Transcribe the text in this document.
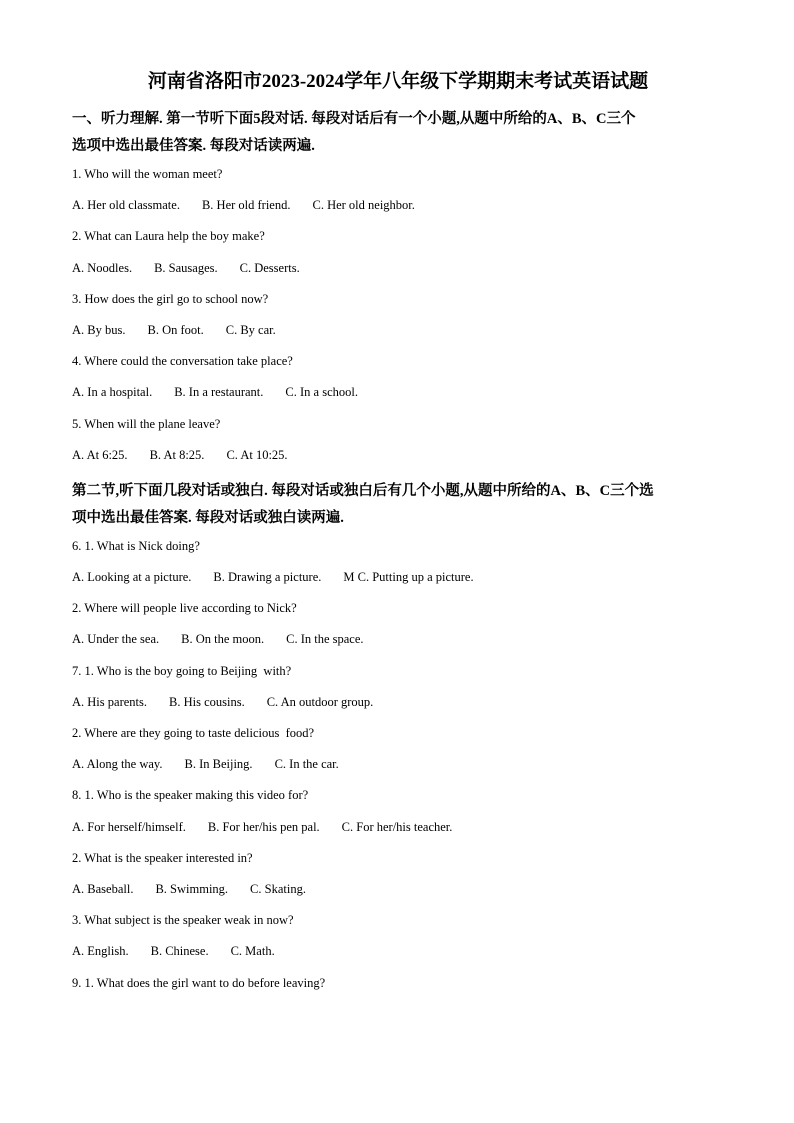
河南省洛阳市2023-2024学年八年级下学期期末考试英语试题
一、听力理解. 第一节听下面5段对话. 每段对话后有一个小题,从题中所给的A、B、C三个
选项中选出最佳答案. 每段对话读两遍.
1. Who will the woman meet?
A. Her old classmate. B. Her old friend. C. Her old neighbor.
2. What can Laura help the boy make?
A. Noodles. B. Sausages. C. Desserts.
3. How does the girl go to school now?
A. By bus. B. On foot. C. By car.
4. Where could the conversation take place?
A. In a hospital. B. In a restaurant. C. In a school.
5. When will the plane leave?
A. At 6:25. B. At 8:25. C. At 10:25.
第二节,听下面几段对话或独白. 每段对话或独白后有几个小题,从题中所给的A、B、C三个选
项中选出最佳答案. 每段对话或独白读两遍.
6. 1. What is Nick doing?
A. Looking at a picture. B. Drawing a picture. M C. Putting up a picture.
2. Where will people live according to Nick?
A. Under the sea. B. On the moon. C. In the space.
7. 1. Who is the boy going to Beijing  with?
A. His parents. B. His cousins. C. An outdoor group.
2. Where are they going to taste delicious  food?
A. Along the way. B. In Beijing. C. In the car.
8. 1. Who is the speaker making this video for?
A. For herself/himself. B. For her/his pen pal. C. For her/his teacher.
2. What is the speaker interested in?
A. Baseball. B. Swimming. C. Skating.
3. What subject is the speaker weak in now?
A. English. B. Chinese. C. Math.
9. 1. What does the girl want to do before leaving?
